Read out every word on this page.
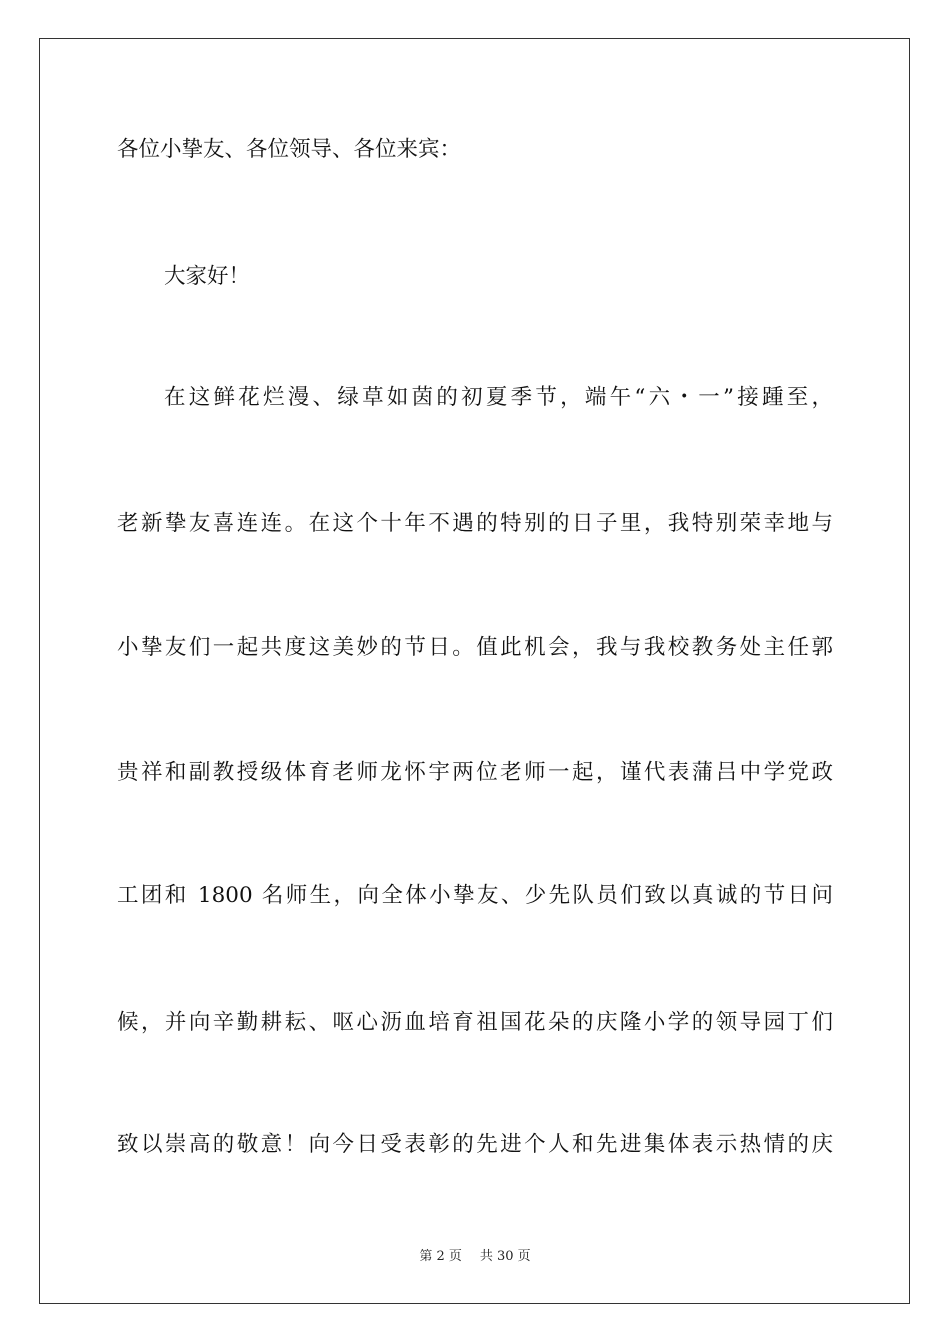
各位小挚友、各位领导、各位来宾：
大家好！
在这鲜花烂漫、绿草如茵的初夏季节，端午“六・一”接踵至，
老新挚友喜连连。在这个十年不遇的特别的日子里，我特别荣幸地与
小挚友们一起共度这美妙的节日。值此机会，我与我校教务处主任郭
贵祥和副教授级体育老师龙怀宇两位老师一起，谨代表蒲吕中学党政
工团和 1800 名师生，向全体小挚友、少先队员们致以真诚的节日问
候，并向辛勤耕耘、呕心沥血培育祖国花朵的庆隆小学的领导园丁们
致以崇高的敬意！向今日受表彰的先进个人和先进集体表示热情的庆
第 2 页 共 30 页
